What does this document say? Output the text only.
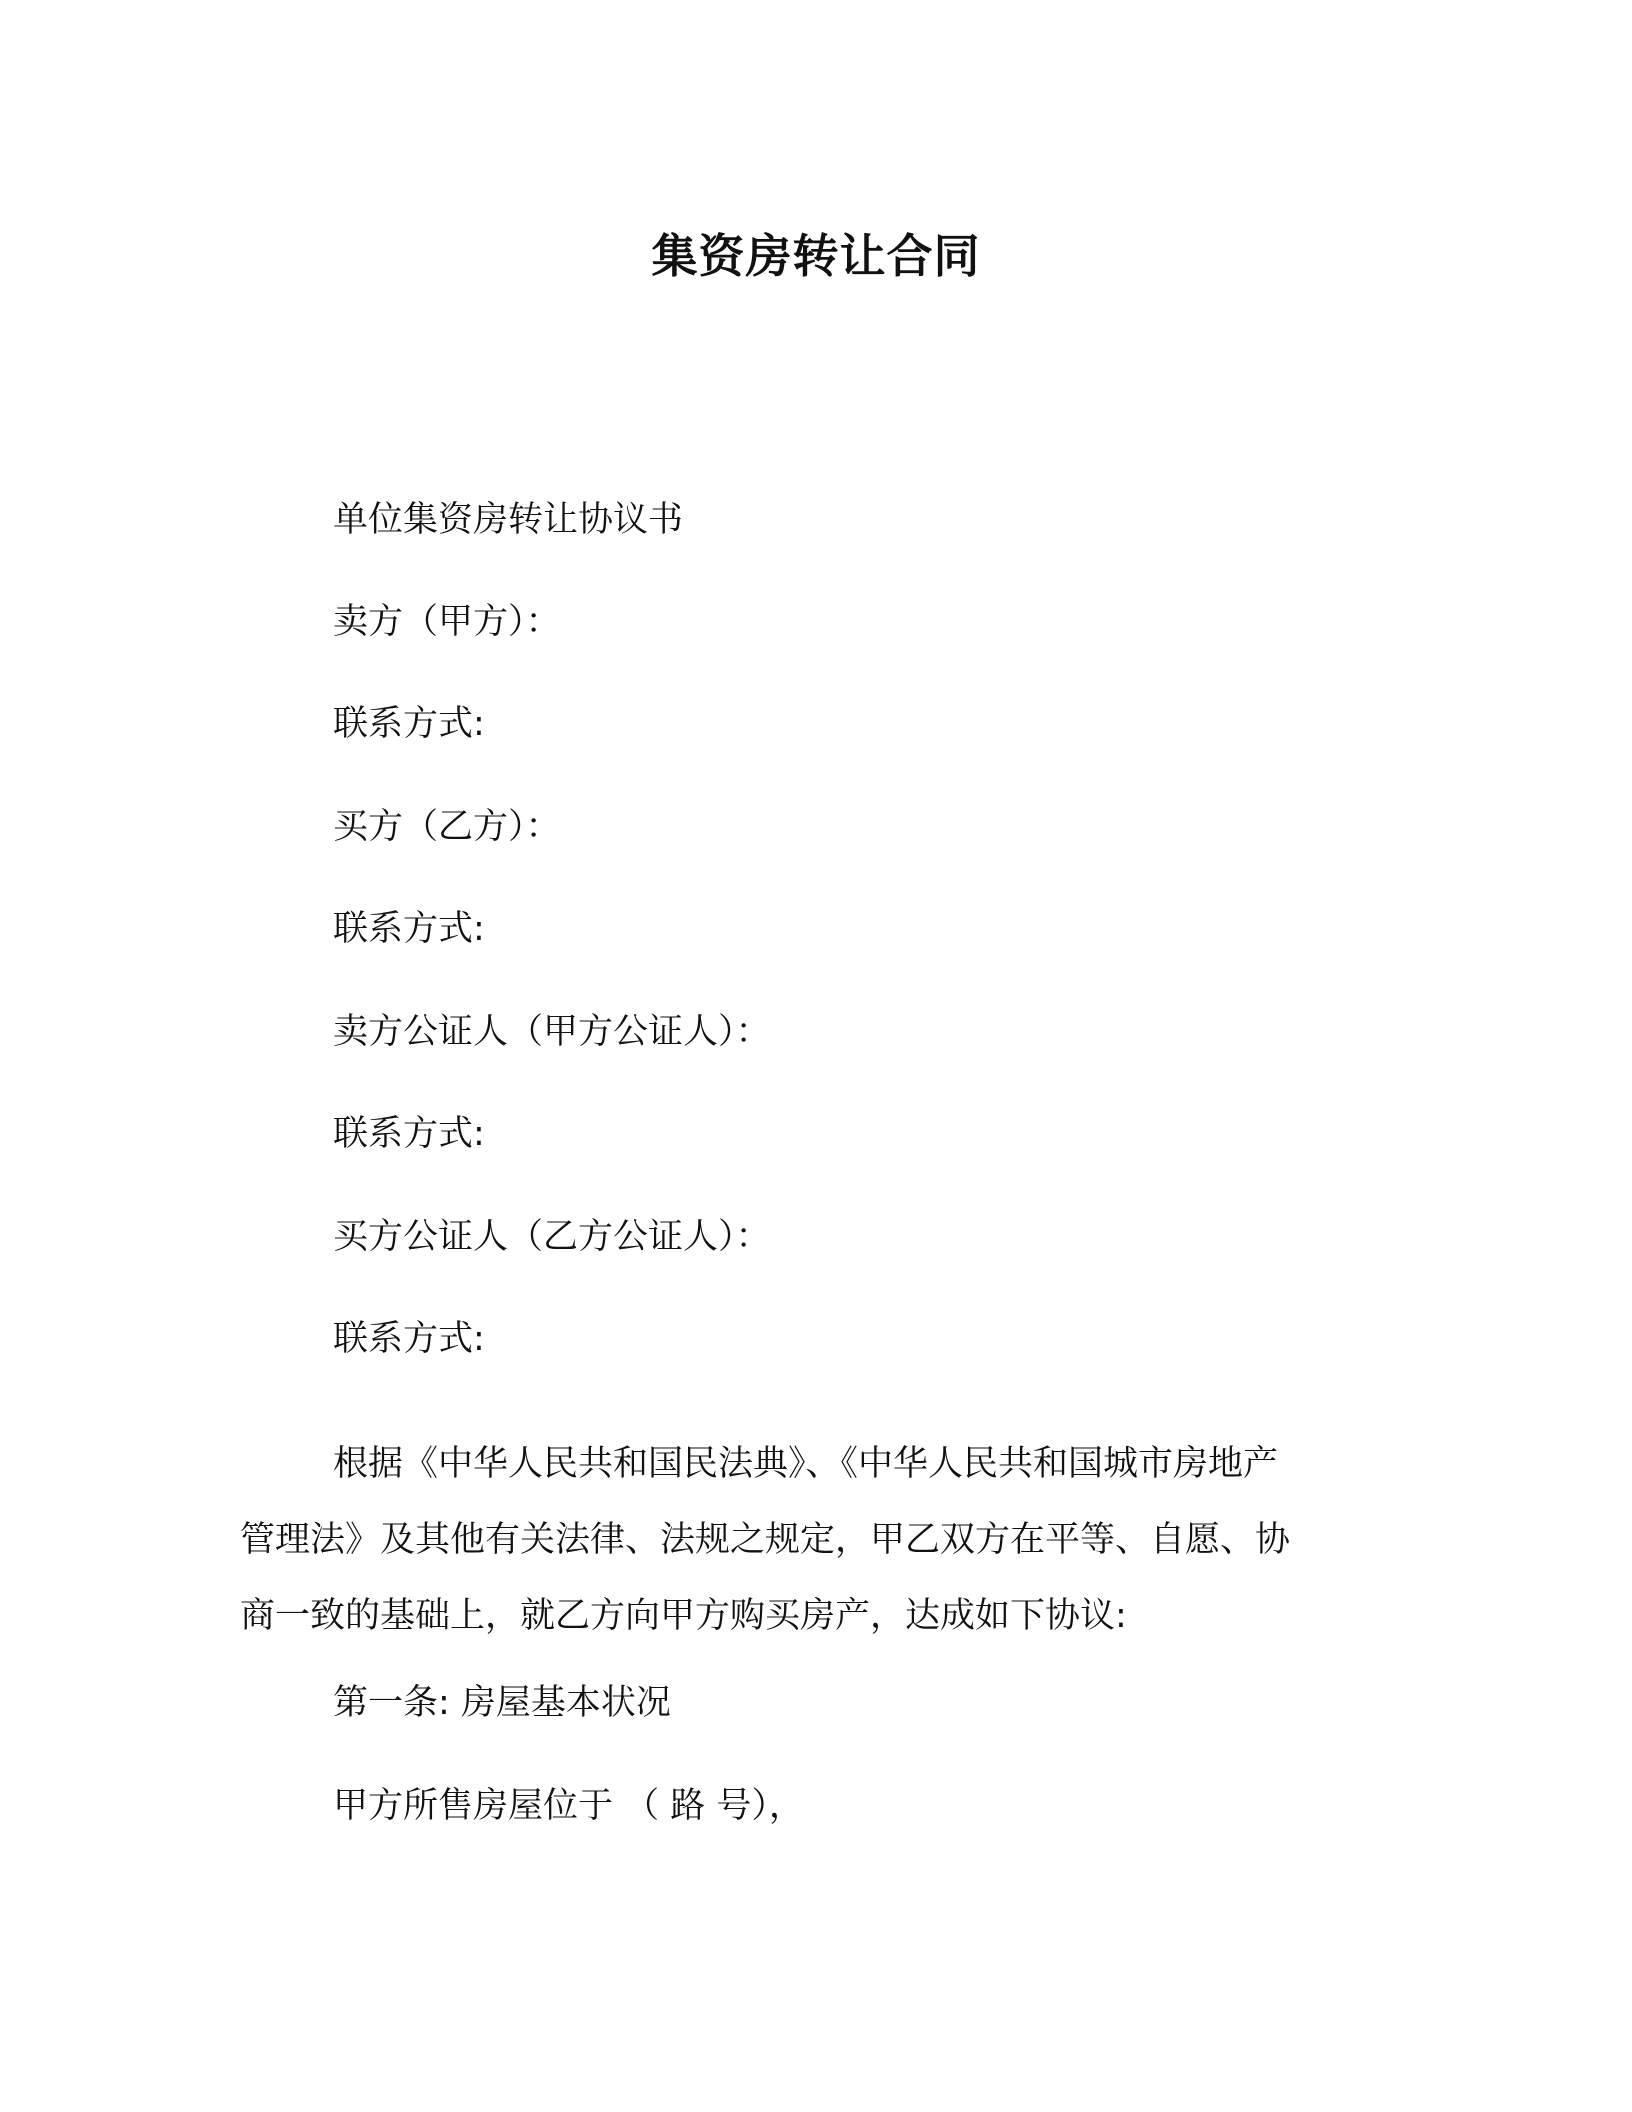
集资房转让合同
单位集资房转让协议书
卖方（甲方）：
联系方式:
买方（乙方）：
联系方式:
卖方公证人（甲方公证人）：
联系方式:
买方公证人（乙方公证人）：
联系方式:
根据《中华人民共和国民法典》、《中华人民共和国城市房地产
管理法》及其他有关法律、法规之规定，甲乙双方在平等、自愿、协
商一致的基础上，就乙方向甲方购买房产，达成如下协议:
第一条: 房屋基本状况
甲方所售房屋位于 （ 路 号），
